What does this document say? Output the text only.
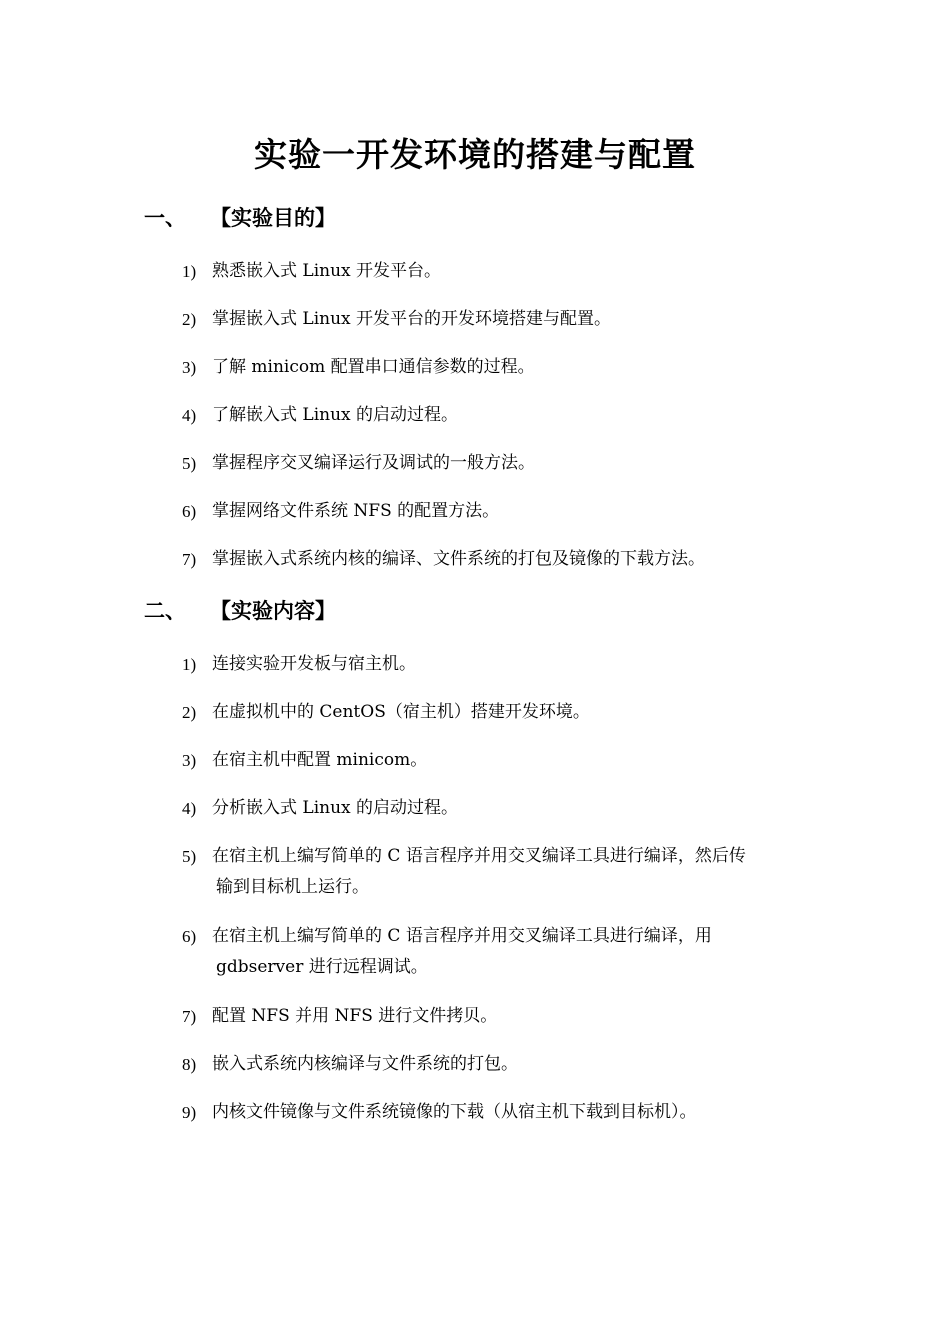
实验一开发环境的搭建与配置
一、 【实验目的】
1) 熟悉嵌入式 Linux 开发平台。
2) 掌握嵌入式 Linux 开发平台的开发环境搭建与配置。
3) 了解 minicom 配置串口通信参数的过程。
4) 了解嵌入式 Linux 的启动过程。
5) 掌握程序交叉编译运行及调试的一般方法。
6) 掌握网络文件系统 NFS 的配置方法。
7) 掌握嵌入式系统内核的编译、文件系统的打包及镜像的下载方法。
二、 【实验内容】
1) 连接实验开发板与宿主机。
2) 在虚拟机中的 CentOS（宿主机）搭建开发环境。
3) 在宿主机中配置 minicom。
4) 分析嵌入式 Linux 的启动过程。
5) 在宿主机上编写简单的 C 语言程序并用交叉编译工具进行编译，然后传
输到目标机上运行。
6) 在宿主机上编写简单的 C 语言程序并用交叉编译工具进行编译，用
gdbserver 进行远程调试。
7) 配置 NFS 并用 NFS 进行文件拷贝。
8) 嵌入式系统内核编译与文件系统的打包。
9) 内核文件镜像与文件系统镜像的下载（从宿主机下载到目标机）。
